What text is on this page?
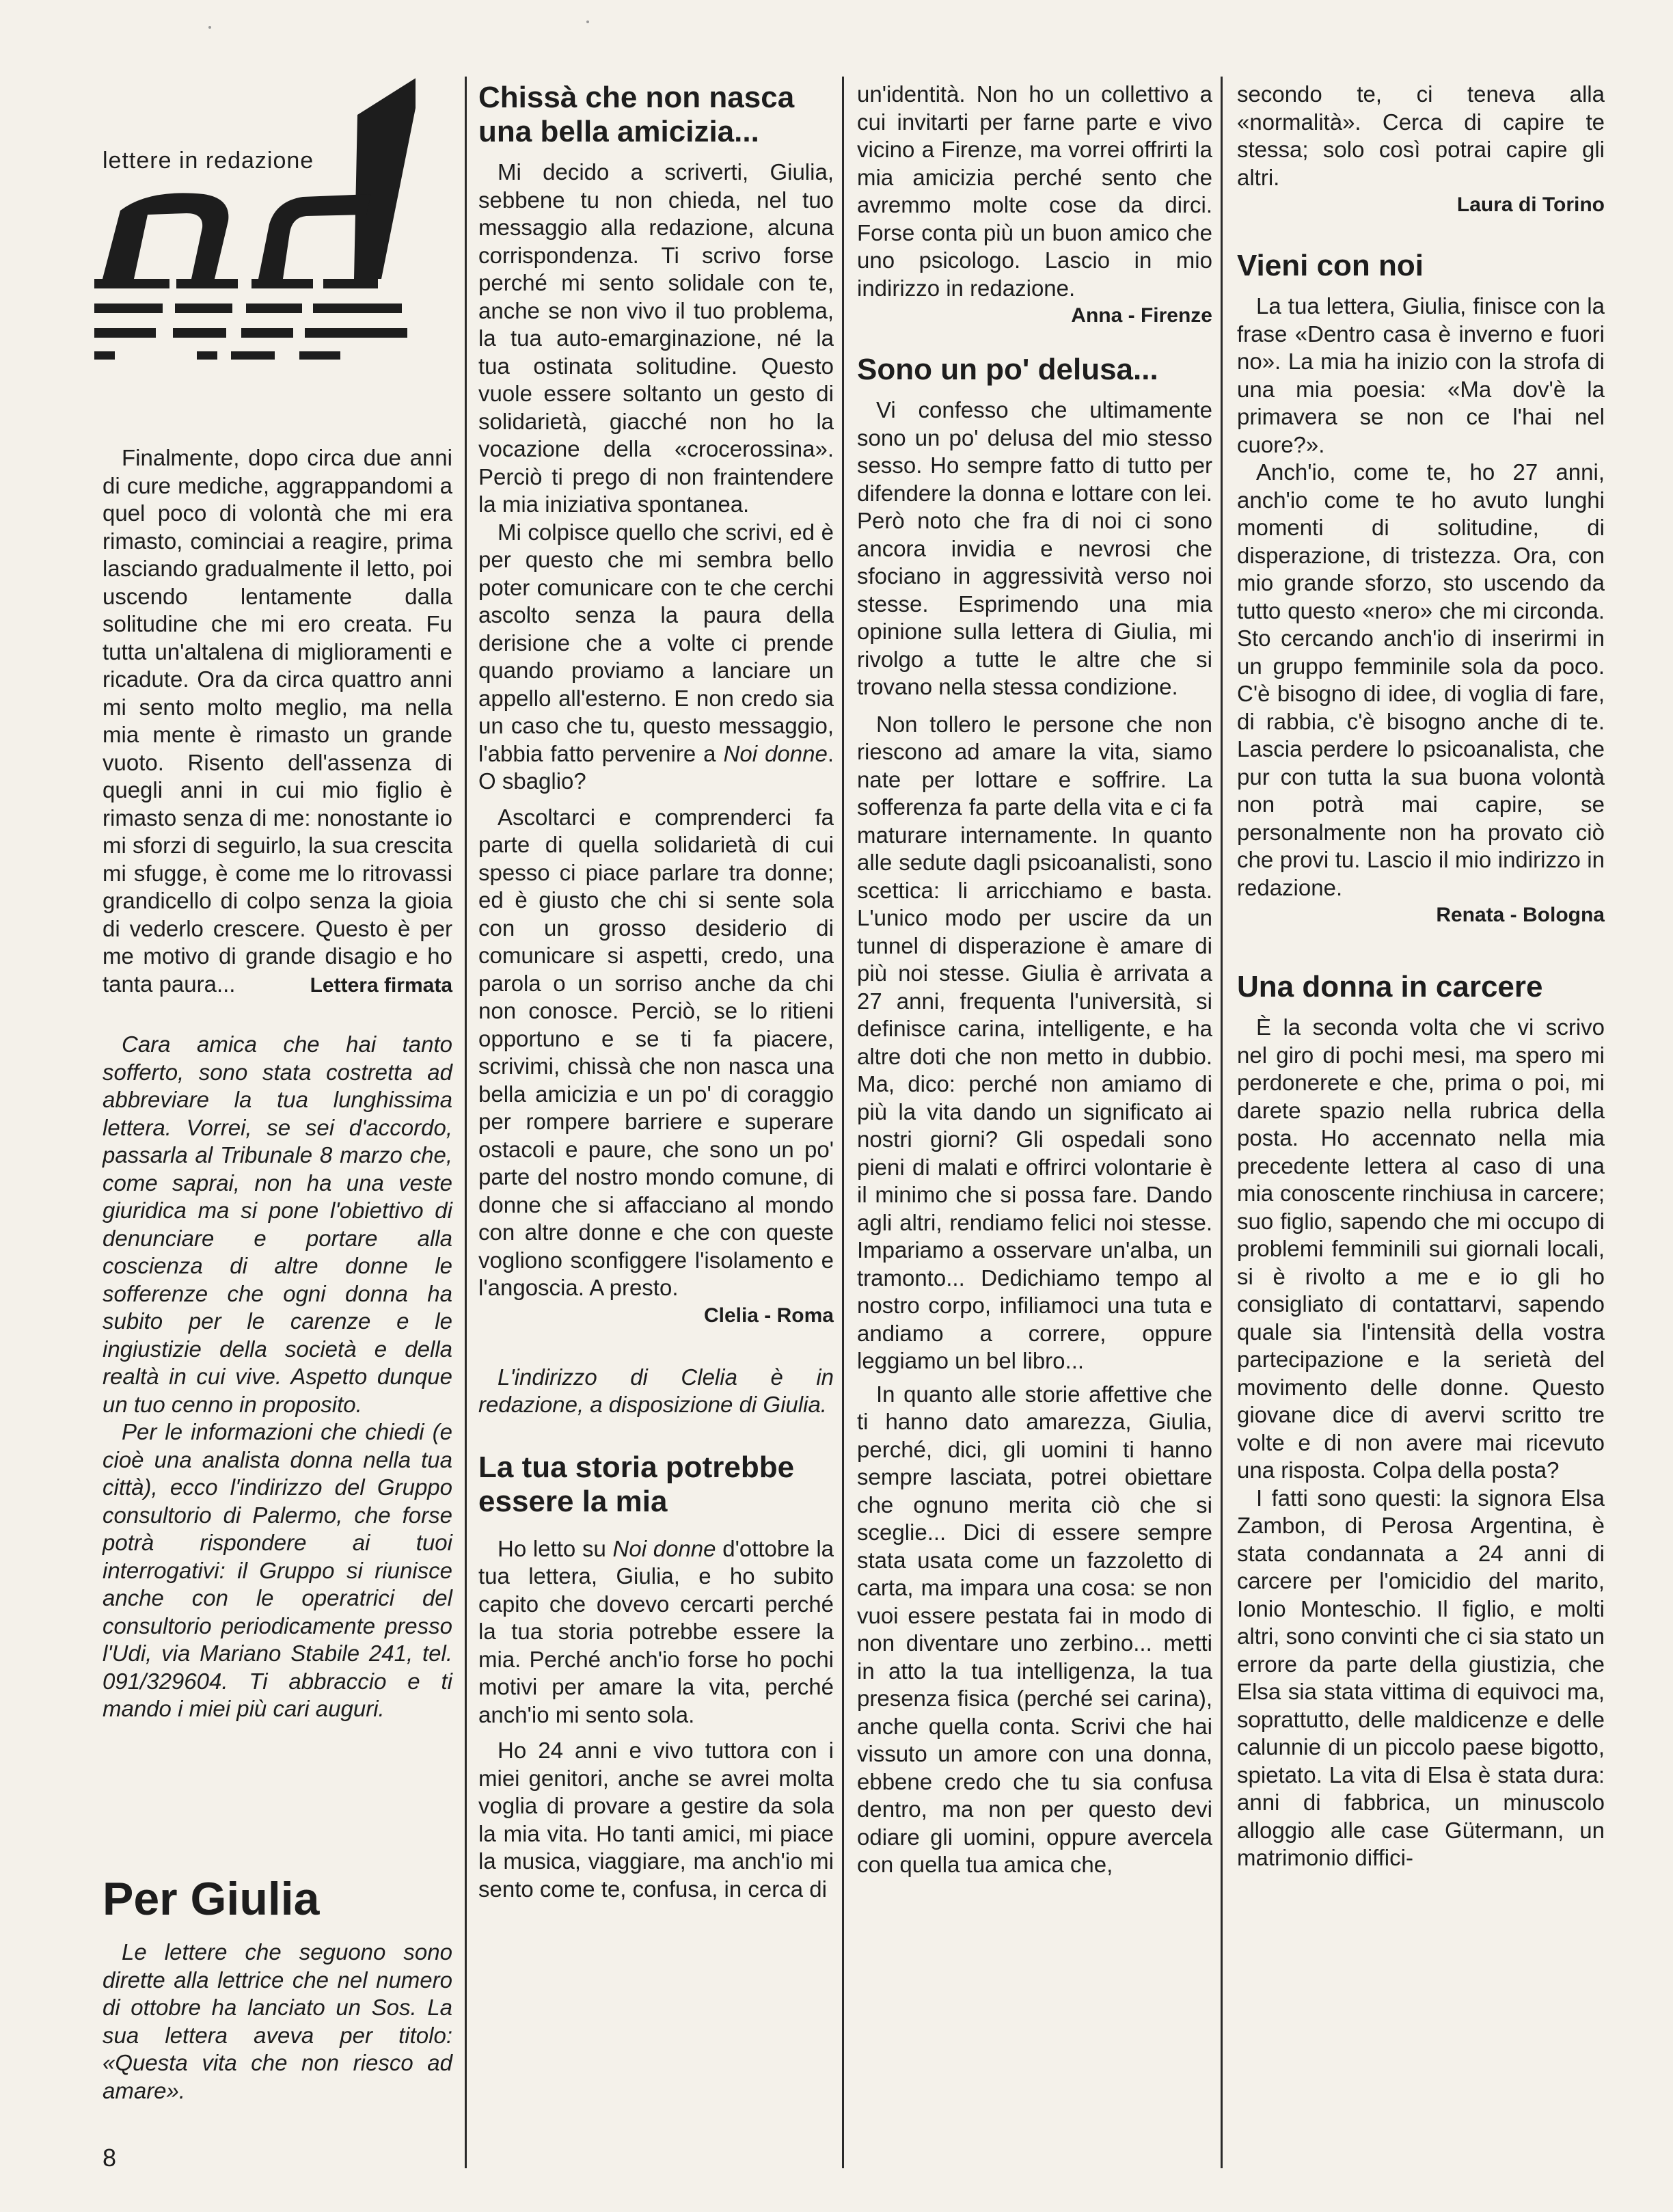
nd
lettere in redazione

Finalmente, dopo circa due anni di cure mediche, aggrappandomi a quel poco di volontà che mi era rimasto, cominciai a reagire, prima lasciando gradualmente il letto, poi uscendo lentamente dalla solitudine che mi ero creata. Fu tutta un'altalena di miglioramenti e ricadute. Ora da circa quattro anni mi sento molto meglio, ma nella mia mente è rimasto un grande vuoto. Risento dell'assenza di quegli anni in cui mio figlio è rimasto senza di me: nonostante io mi sforzi di seguirlo, la sua crescita mi sfugge, è come me lo ritrovassi grandicello di colpo senza la gioia di vederlo crescere. Questo è per me motivo di grande disagio e ho tanta paura...	Lettera firmata

Cara amica che hai tanto sofferto, sono stata costretta ad abbreviare la tua lunghissima lettera. Vorrei, se sei d'accordo, passarla al Tribunale 8 marzo che, come saprai, non ha una veste giuridica ma si pone l'obiettivo di denunciare e portare alla coscienza di altre donne le sofferenze che ogni donna ha subito per le carenze e le ingiustizie della società e della realtà in cui vive. Aspetto dunque un tuo cenno in proposito.

Per le informazioni che chiedi (e cioè una analista donna nella tua città), ecco l'indirizzo del Gruppo consultorio di Palermo, che forse potrà rispondere ai tuoi interrogativi: il Gruppo si riunisce anche con le operatrici del consultorio periodicamente presso l'Udi, via Mariano Stabile 241, tel. 091/329604. Ti abbraccio e ti mando i miei più cari auguri.

Per Giulia

Le lettere che seguono sono dirette alla lettrice che nel numero di ottobre ha lanciato un Sos. La sua lettera aveva per titolo: «Questa vita che non riesco ad amare».

Chissà che non nasca una bella amicizia...

Mi decido a scriverti, Giulia, sebbene tu non chieda, nel tuo messaggio alla redazione, alcuna corrispondenza. Ti scrivo forse perché mi sento solidale con te, anche se non vivo il tuo problema, la tua auto-emarginazione, né la tua ostinata solitudine. Questo vuole essere soltanto un gesto di solidarietà, giacché non ho la vocazione della «crocerossina». Perciò ti prego di non fraintendere la mia iniziativa spontanea.

Mi colpisce quello che scrivi, ed è per questo che mi sembra bello poter comunicare con te che cerchi ascolto senza la paura della derisione che a volte ci prende quando proviamo a lanciare un appello all'esterno. E non credo sia un caso che tu, questo messaggio, l'abbia fatto pervenire a Noi donne. O sbaglio?

Ascoltarci e comprenderci fa parte di quella solidarietà di cui spesso ci piace parlare tra donne; ed è giusto che chi si sente sola con un grosso desiderio di comunicare si aspetti, credo, una parola o un sorriso anche da chi non conosce. Perciò, se lo ritieni opportuno e se ti fa piacere, scrivimi, chissà che non nasca una bella amicizia e un po' di coraggio per rompere barriere e superare ostacoli e paure, che sono un po' parte del nostro mondo comune, di donne che si affacciano al mondo con altre donne e che con queste vogliono sconfiggere l'isolamento e l'angoscia. A presto.

Clelia - Roma

L'indirizzo di Clelia è in redazione, a disposizione di Giulia.

La tua storia potrebbe essere la mia

Ho letto su Noi donne d'ottobre la tua lettera, Giulia, e ho subito capito che dovevo cercarti perché la tua storia potrebbe essere la mia. Perché anch'io forse ho pochi motivi per amare la vita, perché anch'io mi sento sola.

Ho 24 anni e vivo tuttora con i miei genitori, anche se avrei molta voglia di provare a gestire da sola la mia vita. Ho tanti amici, mi piace la musica, viaggiare, ma anch'io mi sento come te, confusa, in cerca di

un'identità. Non ho un collettivo a cui invitarti per farne parte e vivo vicino a Firenze, ma vorrei offrirti la mia amicizia perché sento che avremmo molte cose da dirci. Forse conta più un buon amico che uno psicologo. Lascio in mio indirizzo in redazione.

Anna - Firenze
Sono un po' delusa...

Vi confesso che ultimamente sono un po' delusa del mio stesso sesso. Ho sempre fatto di tutto per difendere la donna e lottare con lei. Però noto che fra di noi ci sono ancora invidia e nevrosi che sfociano in aggressività verso noi stesse. Esprimendo una mia opinione sulla lettera di Giulia, mi rivolgo a tutte le altre che si trovano nella stessa condizione.

Non tollero le persone che non riescono ad amare la vita, siamo nate per lottare e soffrire. La sofferenza fa parte della vita e ci fa maturare internamente. In quanto alle sedute dagli psicoanalisti, sono scettica: li arricchiamo e basta. L'unico modo per uscire da un tunnel di disperazione è amare di più noi stesse. Giulia è arrivata a 27 anni, frequenta l'università, si definisce carina, intelligente, e ha altre doti che non metto in dubbio. Ma, dico: perché non amiamo di più la vita dando un significato ai nostri giorni? Gli ospedali sono pieni di malati e offrirci volontarie è il minimo che si possa fare. Dando agli altri, rendiamo felici noi stesse. Impariamo a osservare un'alba, un tramonto... Dedichiamo tempo al nostro corpo, infiliamoci una tuta e andiamo a correre, oppure leggiamo un bel libro...

In quanto alle storie affettive che ti hanno dato amarezza, Giulia, perché, dici, gli uomini ti hanno sempre lasciata, potrei obiettare che ognuno merita ciò che si sceglie... Dici di essere sempre stata usata come un fazzoletto di carta, ma impara una cosa: se non vuoi essere pestata fai in modo di non diventare uno zerbino... metti in atto la tua intelligenza, la tua presenza fisica (perché sei carina), anche quella conta. Scrivi che hai vissuto un amore con una donna, ebbene credo che tu sia confusa dentro, ma non per questo devi odiare gli uomini, oppure avercela con quella tua amica che,

secondo te, ci teneva alla «normalità». Cerca di capire te stessa; solo così potrai capire gli altri.

Laura di Torino
Vieni con noi

La tua lettera, Giulia, finisce con la frase «Dentro casa è inverno e fuori no». La mia ha inizio con la strofa di una mia poesia: «Ma dov'è la primavera se non ce l'hai nel cuore?».

Anch'io, come te, ho 27 anni, anch'io come te ho avuto lunghi momenti di solitudine, di disperazione, di tristezza. Ora, con mio grande sforzo, sto uscendo da tutto questo «nero» che mi circonda. Sto cercando anch'io di inserirmi in un gruppo femminile sola da poco. C'è bisogno di idee, di voglia di fare, di rabbia, c'è bisogno anche di te. Lascia perdere lo psicoanalista, che pur con tutta la sua buona volontà non potrà mai capire, se personalmente non ha provato ciò che provi tu. Lascio il mio indirizzo in redazione.

Renata - Bologna
Una donna in carcere

È la seconda volta che vi scrivo nel giro di pochi mesi, ma spero mi perdonerete e che, prima o poi, mi darete spazio nella rubrica della posta. Ho accennato nella mia precedente lettera al caso di una mia conoscente rinchiusa in carcere; suo figlio, sapendo che mi occupo di problemi femminili sui giornali locali, si è rivolto a me e io gli ho consigliato di contattarvi, sapendo quale sia l'intensità della vostra partecipazione e la serietà del movimento delle donne. Questo giovane dice di avervi scritto tre volte e di non avere mai ricevuto una risposta. Colpa della posta?

I fatti sono questi: la signora Elsa Zambon, di Perosa Argentina, è stata condannata a 24 anni di carcere per l'omicidio del marito, Ionio Monteschio. Il figlio, e molti altri, sono convinti che ci sia stato un errore da parte della giustizia, che Elsa sia stata vittima di equivoci ma, soprattutto, delle maldicenze e delle calunnie di un piccolo paese bigotto, spietato. La vita di Elsa è stata dura: anni di fabbrica, un minuscolo alloggio alle case Gütermann, un matrimonio diffici-

8
